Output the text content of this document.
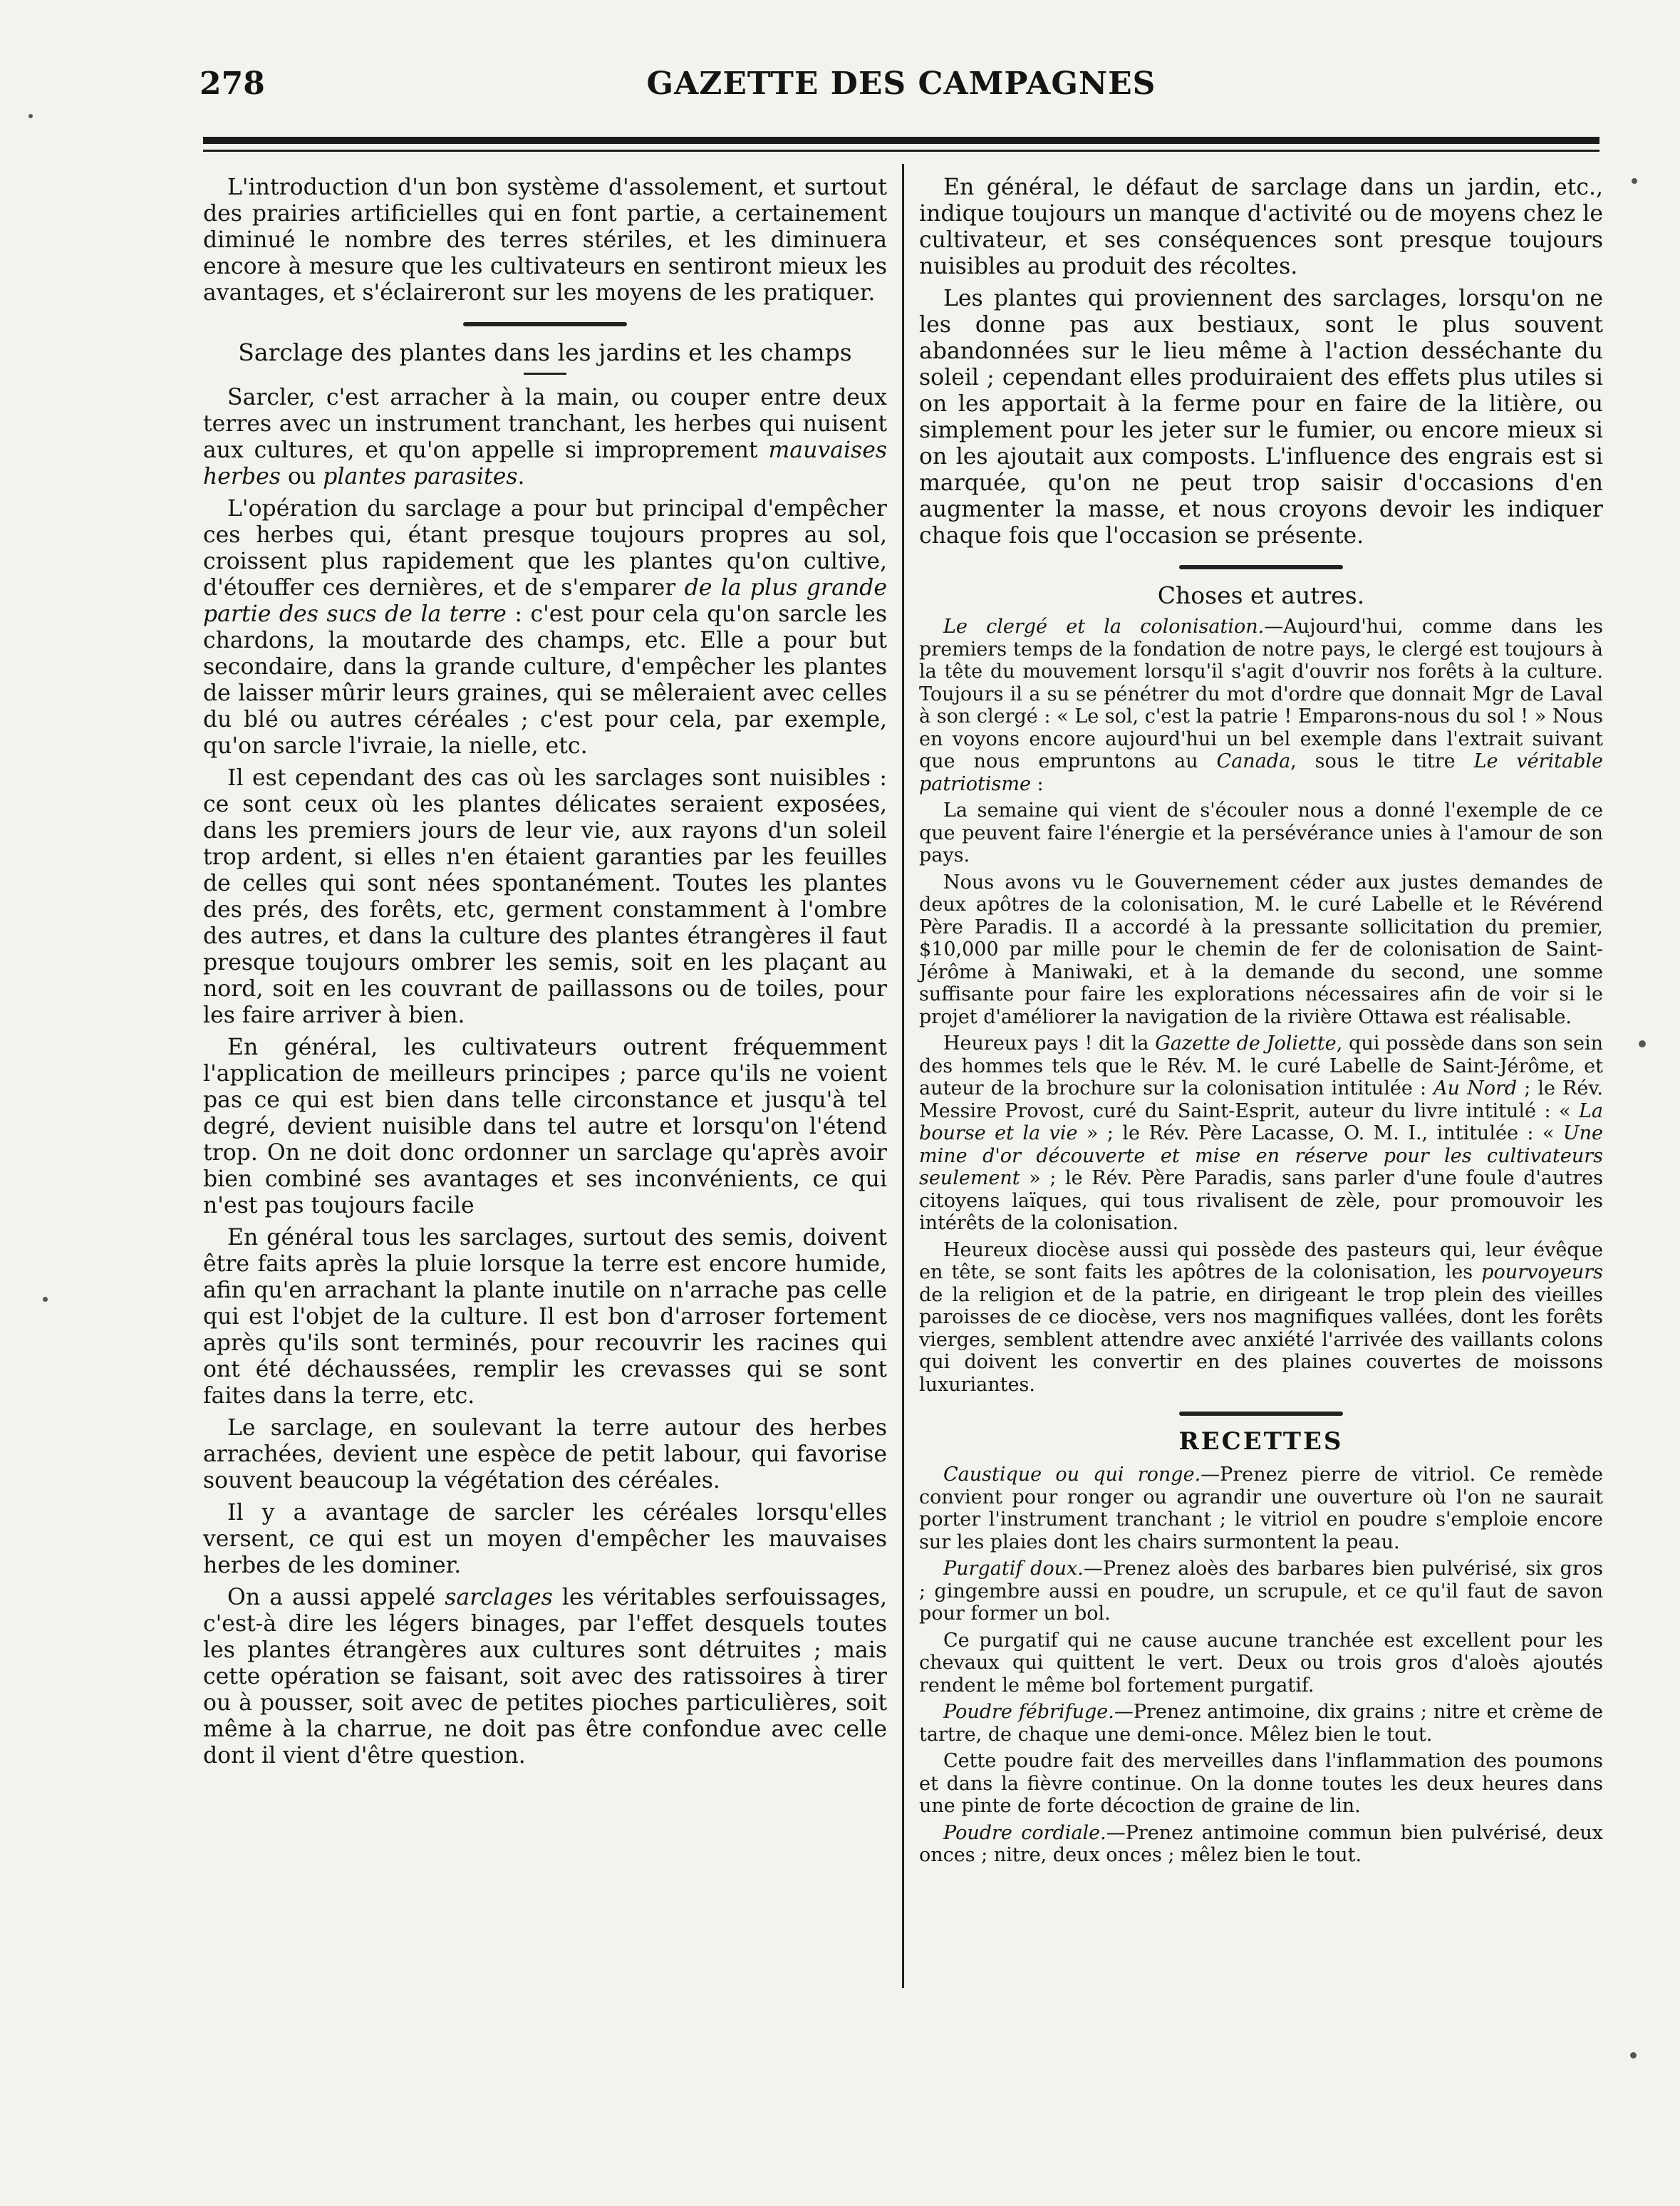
278	GAZETTE DES CAMPAGNES

L'introduction d'un bon système d'assolement, et surtout des prairies artificielles qui en font partie, a certainement diminué le nombre des terres stériles, et les diminuera encore à mesure que les cultivateurs en sentiront mieux les avantages, et s'éclaireront sur les moyens de les pratiquer.

Sarclage des plantes dans les jardins et les champs

Sarcler, c'est arracher à la main, ou couper entre deux terres avec un instrument tranchant, les herbes qui nuisent aux cultures, et qu'on appelle si improprement mauvaises herbes ou plantes parasites.

L'opération du sarclage a pour but principal d'empêcher ces herbes qui, étant presque toujours propres au sol, croissent plus rapidement que les plantes qu'on cultive, d'étouffer ces dernières, et de s'emparer de la plus grande partie des sucs de la terre : c'est pour cela qu'on sarcle les chardons, la moutarde des champs, etc. Elle a pour but secondaire, dans la grande culture, d'empêcher les plantes de laisser mûrir leurs graines, qui se mêleraient avec celles du blé ou autres céréales ; c'est pour cela, par exemple, qu'on sarcle l'ivraie, la nielle, etc.

Il est cependant des cas où les sarclages sont nuisibles : ce sont ceux où les plantes délicates seraient exposées, dans les premiers jours de leur vie, aux rayons d'un soleil trop ardent, si elles n'en étaient garanties par les feuilles de celles qui sont nées spontanément. Toutes les plantes des prés, des forêts, etc, germent constamment à l'ombre des autres, et dans la culture des plantes étrangères il faut presque toujours ombrer les semis, soit en les plaçant au nord, soit en les couvrant de paillassons ou de toiles, pour les faire arriver à bien.

En général, les cultivateurs outrent fréquemment l'application de meilleurs principes ; parce qu'ils ne voient pas ce qui est bien dans telle circonstance et jusqu'à tel degré, devient nuisible dans tel autre et lorsqu'on l'étend trop. On ne doit donc ordonner un sarclage qu'après avoir bien combiné ses avantages et ses inconvénients, ce qui n'est pas toujours facile

En général tous les sarclages, surtout des semis, doivent être faits après la pluie lorsque la terre est encore humide, afin qu'en arrachant la plante inutile on n'arrache pas celle qui est l'objet de la culture. Il est bon d'arroser fortement après qu'ils sont terminés, pour recouvrir les racines qui ont été déchaussées, remplir les crevasses qui se sont faites dans la terre, etc.

Le sarclage, en soulevant la terre autour des herbes arrachées, devient une espèce de petit labour, qui favorise souvent beaucoup la végétation des céréales.

Il y a avantage de sarcler les céréales lorsqu'elles versent, ce qui est un moyen d'empêcher les mauvaises herbes de les dominer.

On a aussi appelé sarclages les véritables serfouissages, c'est-à dire les légers binages, par l'effet desquels toutes les plantes étrangères aux cultures sont détruites ; mais cette opération se faisant, soit avec des ratissoires à tirer ou à pousser, soit avec de petites pioches particulières, soit même à la charrue, ne doit pas être confondue avec celle dont il vient d'être question.

En général, le défaut de sarclage dans un jardin, etc., indique toujours un manque d'activité ou de moyens chez le cultivateur, et ses conséquences sont presque toujours nuisibles au produit des récoltes.

Les plantes qui proviennent des sarclages, lorsqu'on ne les donne pas aux bestiaux, sont le plus souvent abandonnées sur le lieu même à l'action desséchante du soleil ; cependant elles produiraient des effets plus utiles si on les apportait à la ferme pour en faire de la litière, ou simplement pour les jeter sur le fumier, ou encore mieux si on les ajoutait aux composts. L'influence des engrais est si marquée, qu'on ne peut trop saisir d'occasions d'en augmenter la masse, et nous croyons devoir les indiquer chaque fois que l'occasion se présente.

Choses et autres.

Le clergé et la colonisation.—Aujourd'hui, comme dans les premiers temps de la fondation de notre pays, le clergé est toujours à la tête du mouvement lorsqu'il s'agit d'ouvrir nos forêts à la culture. Toujours il a su se pénétrer du mot d'ordre que donnait Mgr de Laval à son clergé : « Le sol, c'est la patrie ! Emparons-nous du sol ! » Nous en voyons encore aujourd'hui un bel exemple dans l'extrait suivant que nous empruntons au Canada, sous le titre Le véritable patriotisme :

La semaine qui vient de s'écouler nous a donné l'exemple de ce que peuvent faire l'énergie et la persévérance unies à l'amour de son pays.

Nous avons vu le Gouvernement céder aux justes demandes de deux apôtres de la colonisation, M. le curé Labelle et le Révérend Père Paradis. Il a accordé à la pressante sollicitation du premier, $10,000 par mille pour le chemin de fer de colonisation de Saint-Jérôme à Maniwaki, et à la demande du second, une somme suffisante pour faire les explorations nécessaires afin de voir si le projet d'améliorer la navigation de la rivière Ottawa est réalisable.

Heureux pays ! dit la Gazette de Joliette, qui possède dans son sein des hommes tels que le Rév. M. le curé Labelle de Saint-Jérôme, et auteur de la brochure sur la colonisation intitulée : Au Nord ; le Rév. Messire Provost, curé du Saint-Esprit, auteur du livre intitulé : « La bourse et la vie » ; le Rév. Père Lacasse, O. M. I., intitulée : « Une mine d'or découverte et mise en réserve pour les cultivateurs seulement » ; le Rév. Père Paradis, sans parler d'une foule d'autres citoyens laïques, qui tous rivalisent de zèle, pour promouvoir les intérêts de la colonisation.

Heureux diocèse aussi qui possède des pasteurs qui, leur évêque en tête, se sont faits les apôtres de la colonisation, les pourvoyeurs de la religion et de la patrie, en dirigeant le trop plein des vieilles paroisses de ce diocèse, vers nos magnifiques vallées, dont les forêts vierges, semblent attendre avec anxiété l'arrivée des vaillants colons qui doivent les convertir en des plaines couvertes de moissons luxuriantes.

RECETTES

Caustique ou qui ronge.—Prenez pierre de vitriol. Ce remède convient pour ronger ou agrandir une ouverture où l'on ne saurait porter l'instrument tranchant ; le vitriol en poudre s'emploie encore sur les plaies dont les chairs surmontent la peau.

Purgatif doux.—Prenez aloès des barbares bien pulvérisé, six gros ; gingembre aussi en poudre, un scrupule, et ce qu'il faut de savon pour former un bol.

Ce purgatif qui ne cause aucune tranchée est excellent pour les chevaux qui quittent le vert. Deux ou trois gros d'aloès ajoutés rendent le même bol fortement purgatif.

Poudre fébrifuge.—Prenez antimoine, dix grains ; nitre et crème de tartre, de chaque une demi-once. Mêlez bien le tout.

Cette poudre fait des merveilles dans l'inflammation des poumons et dans la fièvre continue. On la donne toutes les deux heures dans une pinte de forte décoction de graine de lin.

Poudre cordiale.—Prenez antimoine commun bien pulvérisé, deux onces ; nitre, deux onces ; mêlez bien le tout.
